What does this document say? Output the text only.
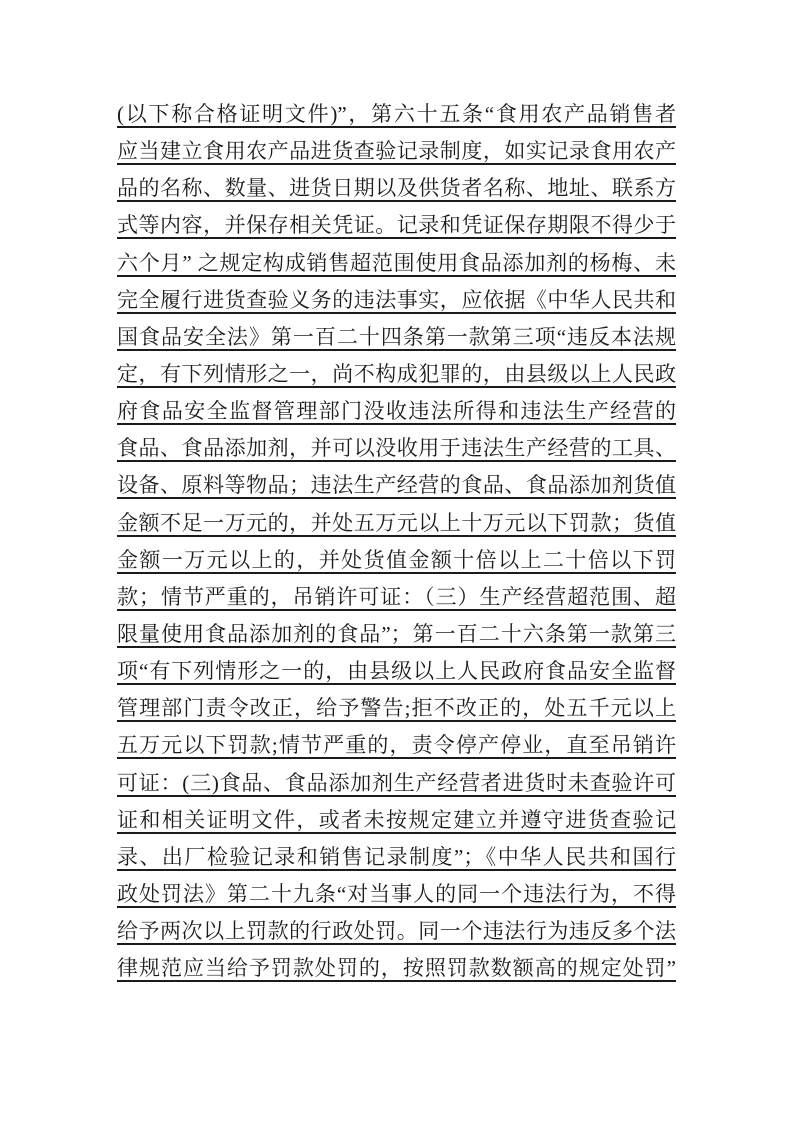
(以下称合格证明文件)”，第六十五条“食用农产品销售者
应当建立食用农产品进货查验记录制度，如实记录食用农产
品的名称、数量、进货日期以及供货者名称、地址、联系方
式等内容，并保存相关凭证。记录和凭证保存期限不得少于
六个月” 之规定构成销售超范围使用食品添加剂的杨梅、未
完全履行进货查验义务的违法事实，应依据《中华人民共和
国食品安全法》第一百二十四条第一款第三项“违反本法规
定，有下列情形之一，尚不构成犯罪的，由县级以上人民政
府食品安全监督管理部门没收违法所得和违法生产经营的
食品、食品添加剂，并可以没收用于违法生产经营的工具、
设备、原料等物品；违法生产经营的食品、食品添加剂货值
金额不足一万元的，并处五万元以上十万元以下罚款；货值
金额一万元以上的，并处货值金额十倍以上二十倍以下罚
款；情节严重的，吊销许可证：（三）生产经营超范围、超
限量使用食品添加剂的食品”；第一百二十六条第一款第三
项“有下列情形之一的，由县级以上人民政府食品安全监督
管理部门责令改正，给予警告;拒不改正的，处五千元以上
五万元以下罚款;情节严重的，责令停产停业，直至吊销许
可证：(三)食品、食品添加剂生产经营者进货时未查验许可
证和相关证明文件，或者未按规定建立并遵守进货查验记
录、出厂检验记录和销售记录制度”；《中华人民共和国行
政处罚法》第二十九条“对当事人的同一个违法行为，不得
给予两次以上罚款的行政处罚。同一个违法行为违反多个法
律规范应当给予罚款处罚的，按照罚款数额高的规定处罚”
